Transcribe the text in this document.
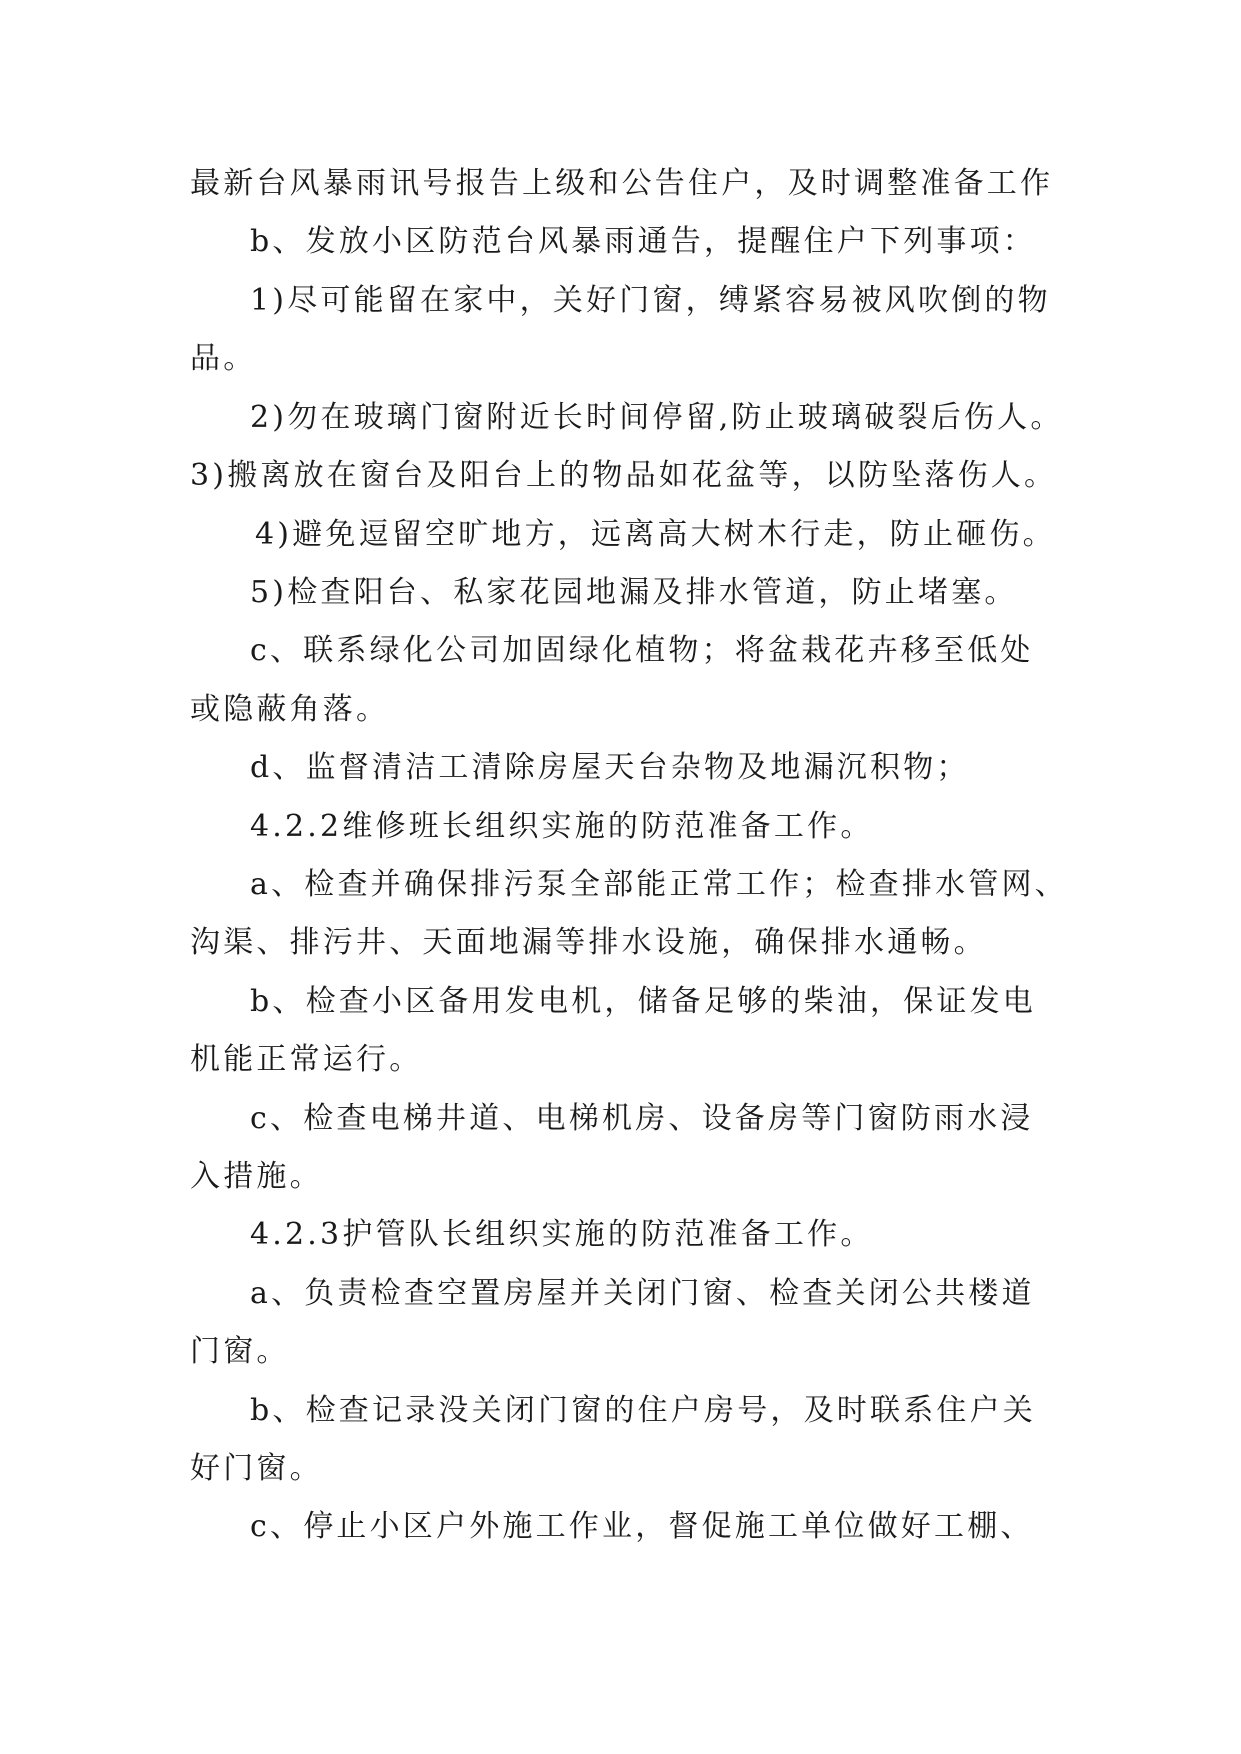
最新台风暴雨讯号报告上级和公告住户，及时调整准备工作
b、发放小区防范台风暴雨通告，提醒住户下列事项：
1)尽可能留在家中，关好门窗，缚紧容易被风吹倒的物
品。
2)勿在玻璃门窗附近长时间停留,防止玻璃破裂后伤人。
3)搬离放在窗台及阳台上的物品如花盆等，以防坠落伤人。
4)避免逗留空旷地方，远离高大树木行走，防止砸伤。
5)检查阳台、私家花园地漏及排水管道，防止堵塞。
c、联系绿化公司加固绿化植物；将盆栽花卉移至低处
或隐蔽角落。
d、监督清洁工清除房屋天台杂物及地漏沉积物；
4.2.2维修班长组织实施的防范准备工作。
a、检查并确保排污泵全部能正常工作；检查排水管网、
沟渠、排污井、天面地漏等排水设施，确保排水通畅。
b、检查小区备用发电机，储备足够的柴油，保证发电
机能正常运行。
c、检查电梯井道、电梯机房、设备房等门窗防雨水浸
入措施。
4.2.3护管队长组织实施的防范准备工作。
a、负责检查空置房屋并关闭门窗、检查关闭公共楼道
门窗。
b、检查记录没关闭门窗的住户房号，及时联系住户关
好门窗。
c、停止小区户外施工作业，督促施工单位做好工棚、
